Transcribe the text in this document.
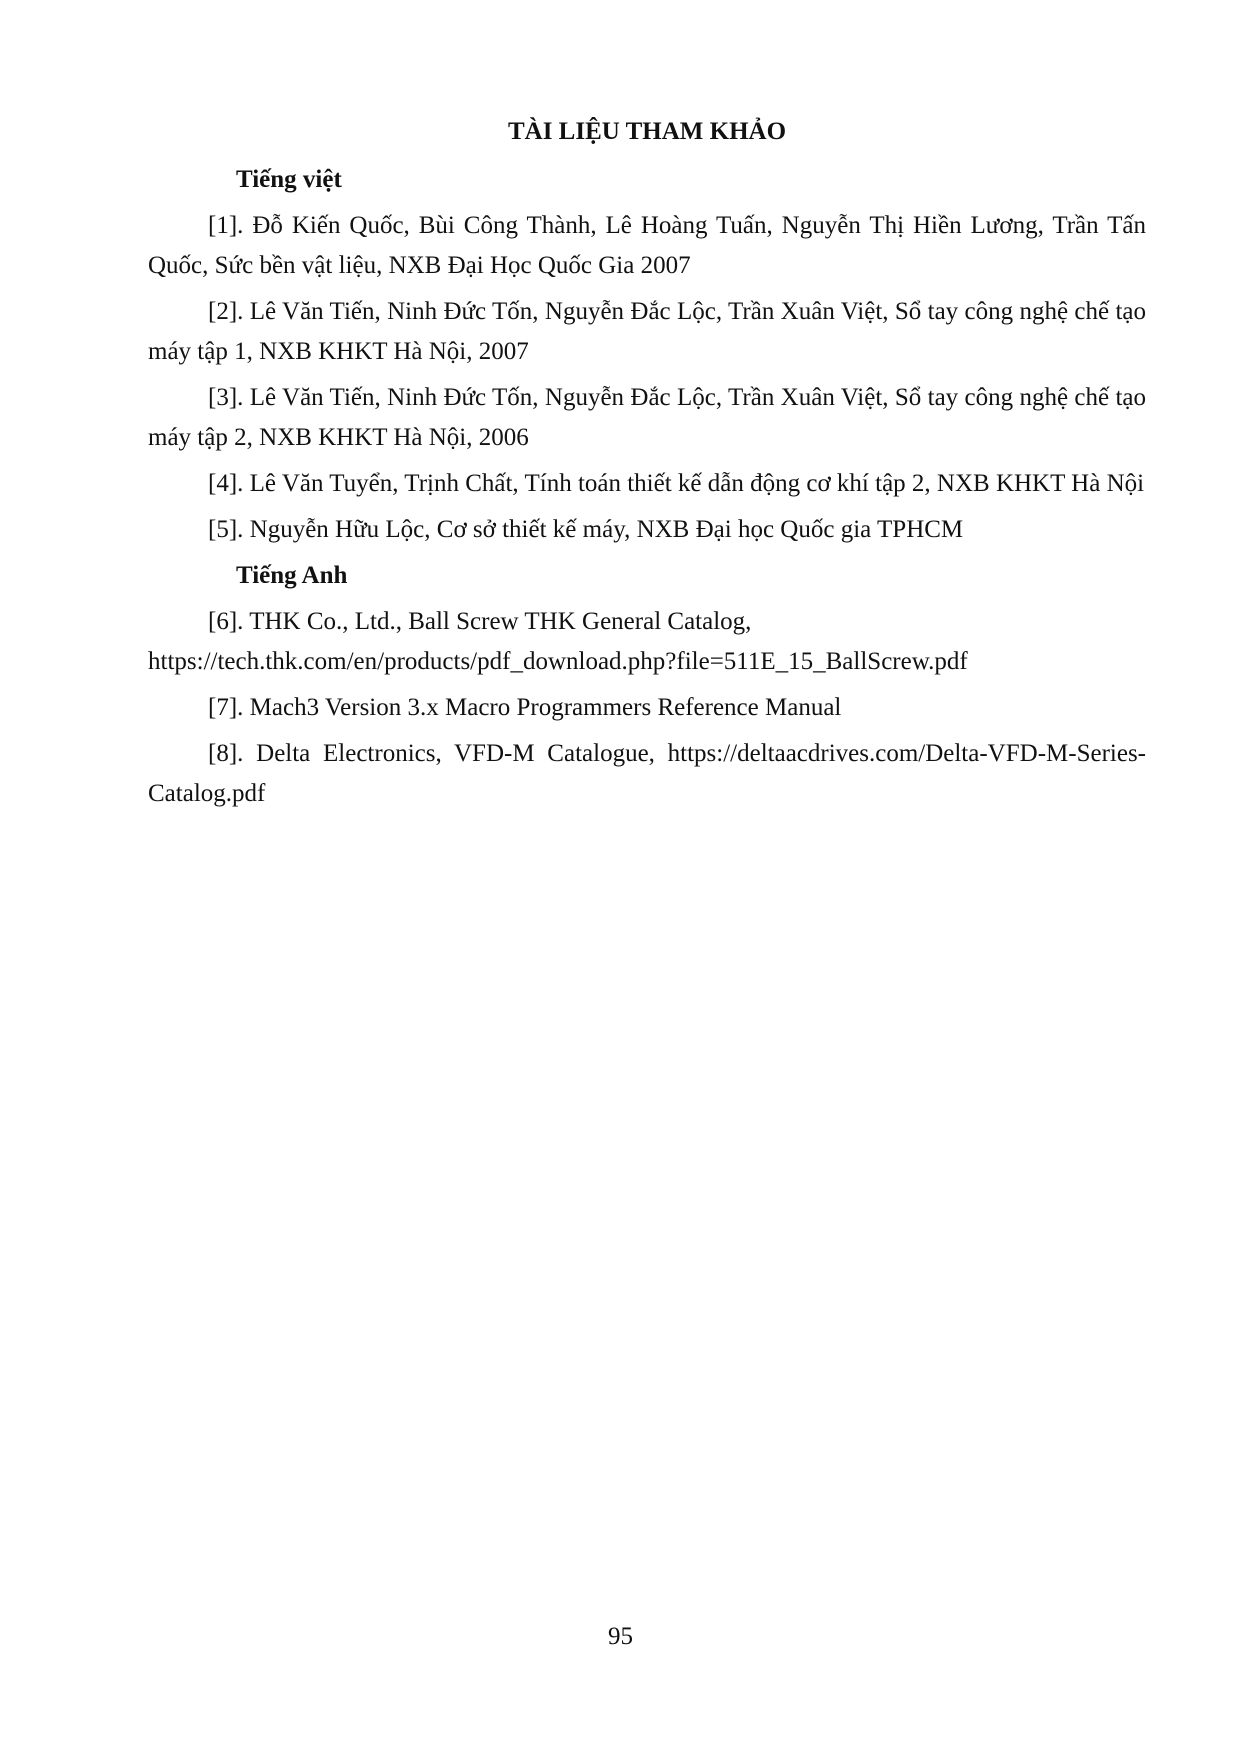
TÀI LIỆU THAM KHẢO
Tiếng việt

[1]. Đỗ Kiến Quốc, Bùi Công Thành, Lê Hoàng Tuấn, Nguyễn Thị Hiền Lương, Trần Tấn Quốc, Sức bền vật liệu, NXB Đại Học Quốc Gia 2007

[2]. Lê Văn Tiến, Ninh Đức Tốn, Nguyễn Đắc Lộc, Trần Xuân Việt, Sổ tay công nghệ chế tạo máy tập 1, NXB KHKT Hà Nội, 2007

[3]. Lê Văn Tiến, Ninh Đức Tốn, Nguyễn Đắc Lộc, Trần Xuân Việt, Sổ tay công nghệ chế tạo máy tập 2, NXB KHKT Hà Nội, 2006

[4]. Lê Văn Tuyển, Trịnh Chất, Tính toán thiết kế dẫn động cơ khí tập 2, NXB KHKT Hà Nội

[5]. Nguyễn Hữu Lộc, Cơ sở thiết kế máy, NXB Đại học Quốc gia TPHCM

Tiếng Anh

[6]. THK Co., Ltd., Ball Screw THK General Catalog,
https://tech.thk.com/en/products/pdf_download.php?file=511E_15_BallScrew.pdf

[7]. Mach3 Version 3.x Macro Programmers Reference Manual

[8]. Delta Electronics, VFD-M Catalogue, https://deltaacdrives.com/Delta-VFD-M-Series-Catalog.pdf

95
